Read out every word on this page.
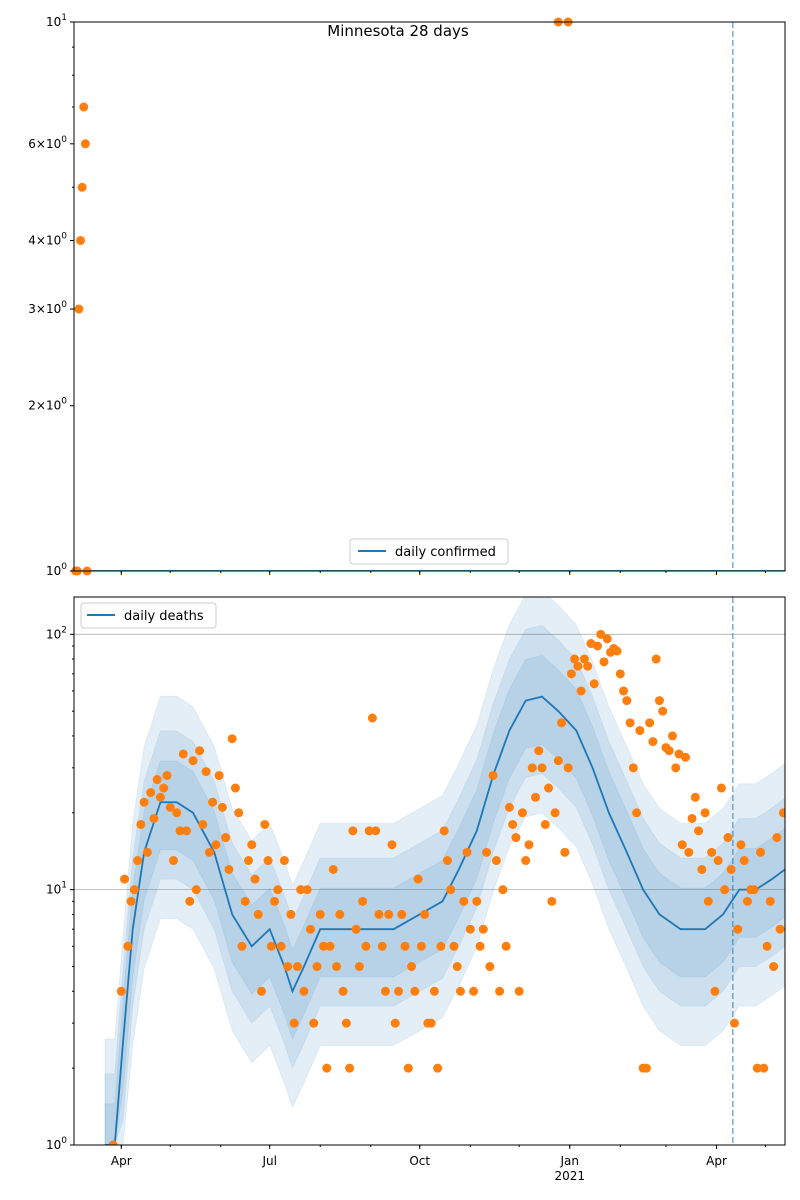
Minnesota 28 days
$10^0$
$2\times 10^0$
$3\times 10^0$
$4\times 10^0$
$6\times 10^0$
$10^1$
daily confirmed
$10^0$
$10^1$
$10^2$
Apr	Jul	Oct	Jan
2021
Apr
daily deaths
